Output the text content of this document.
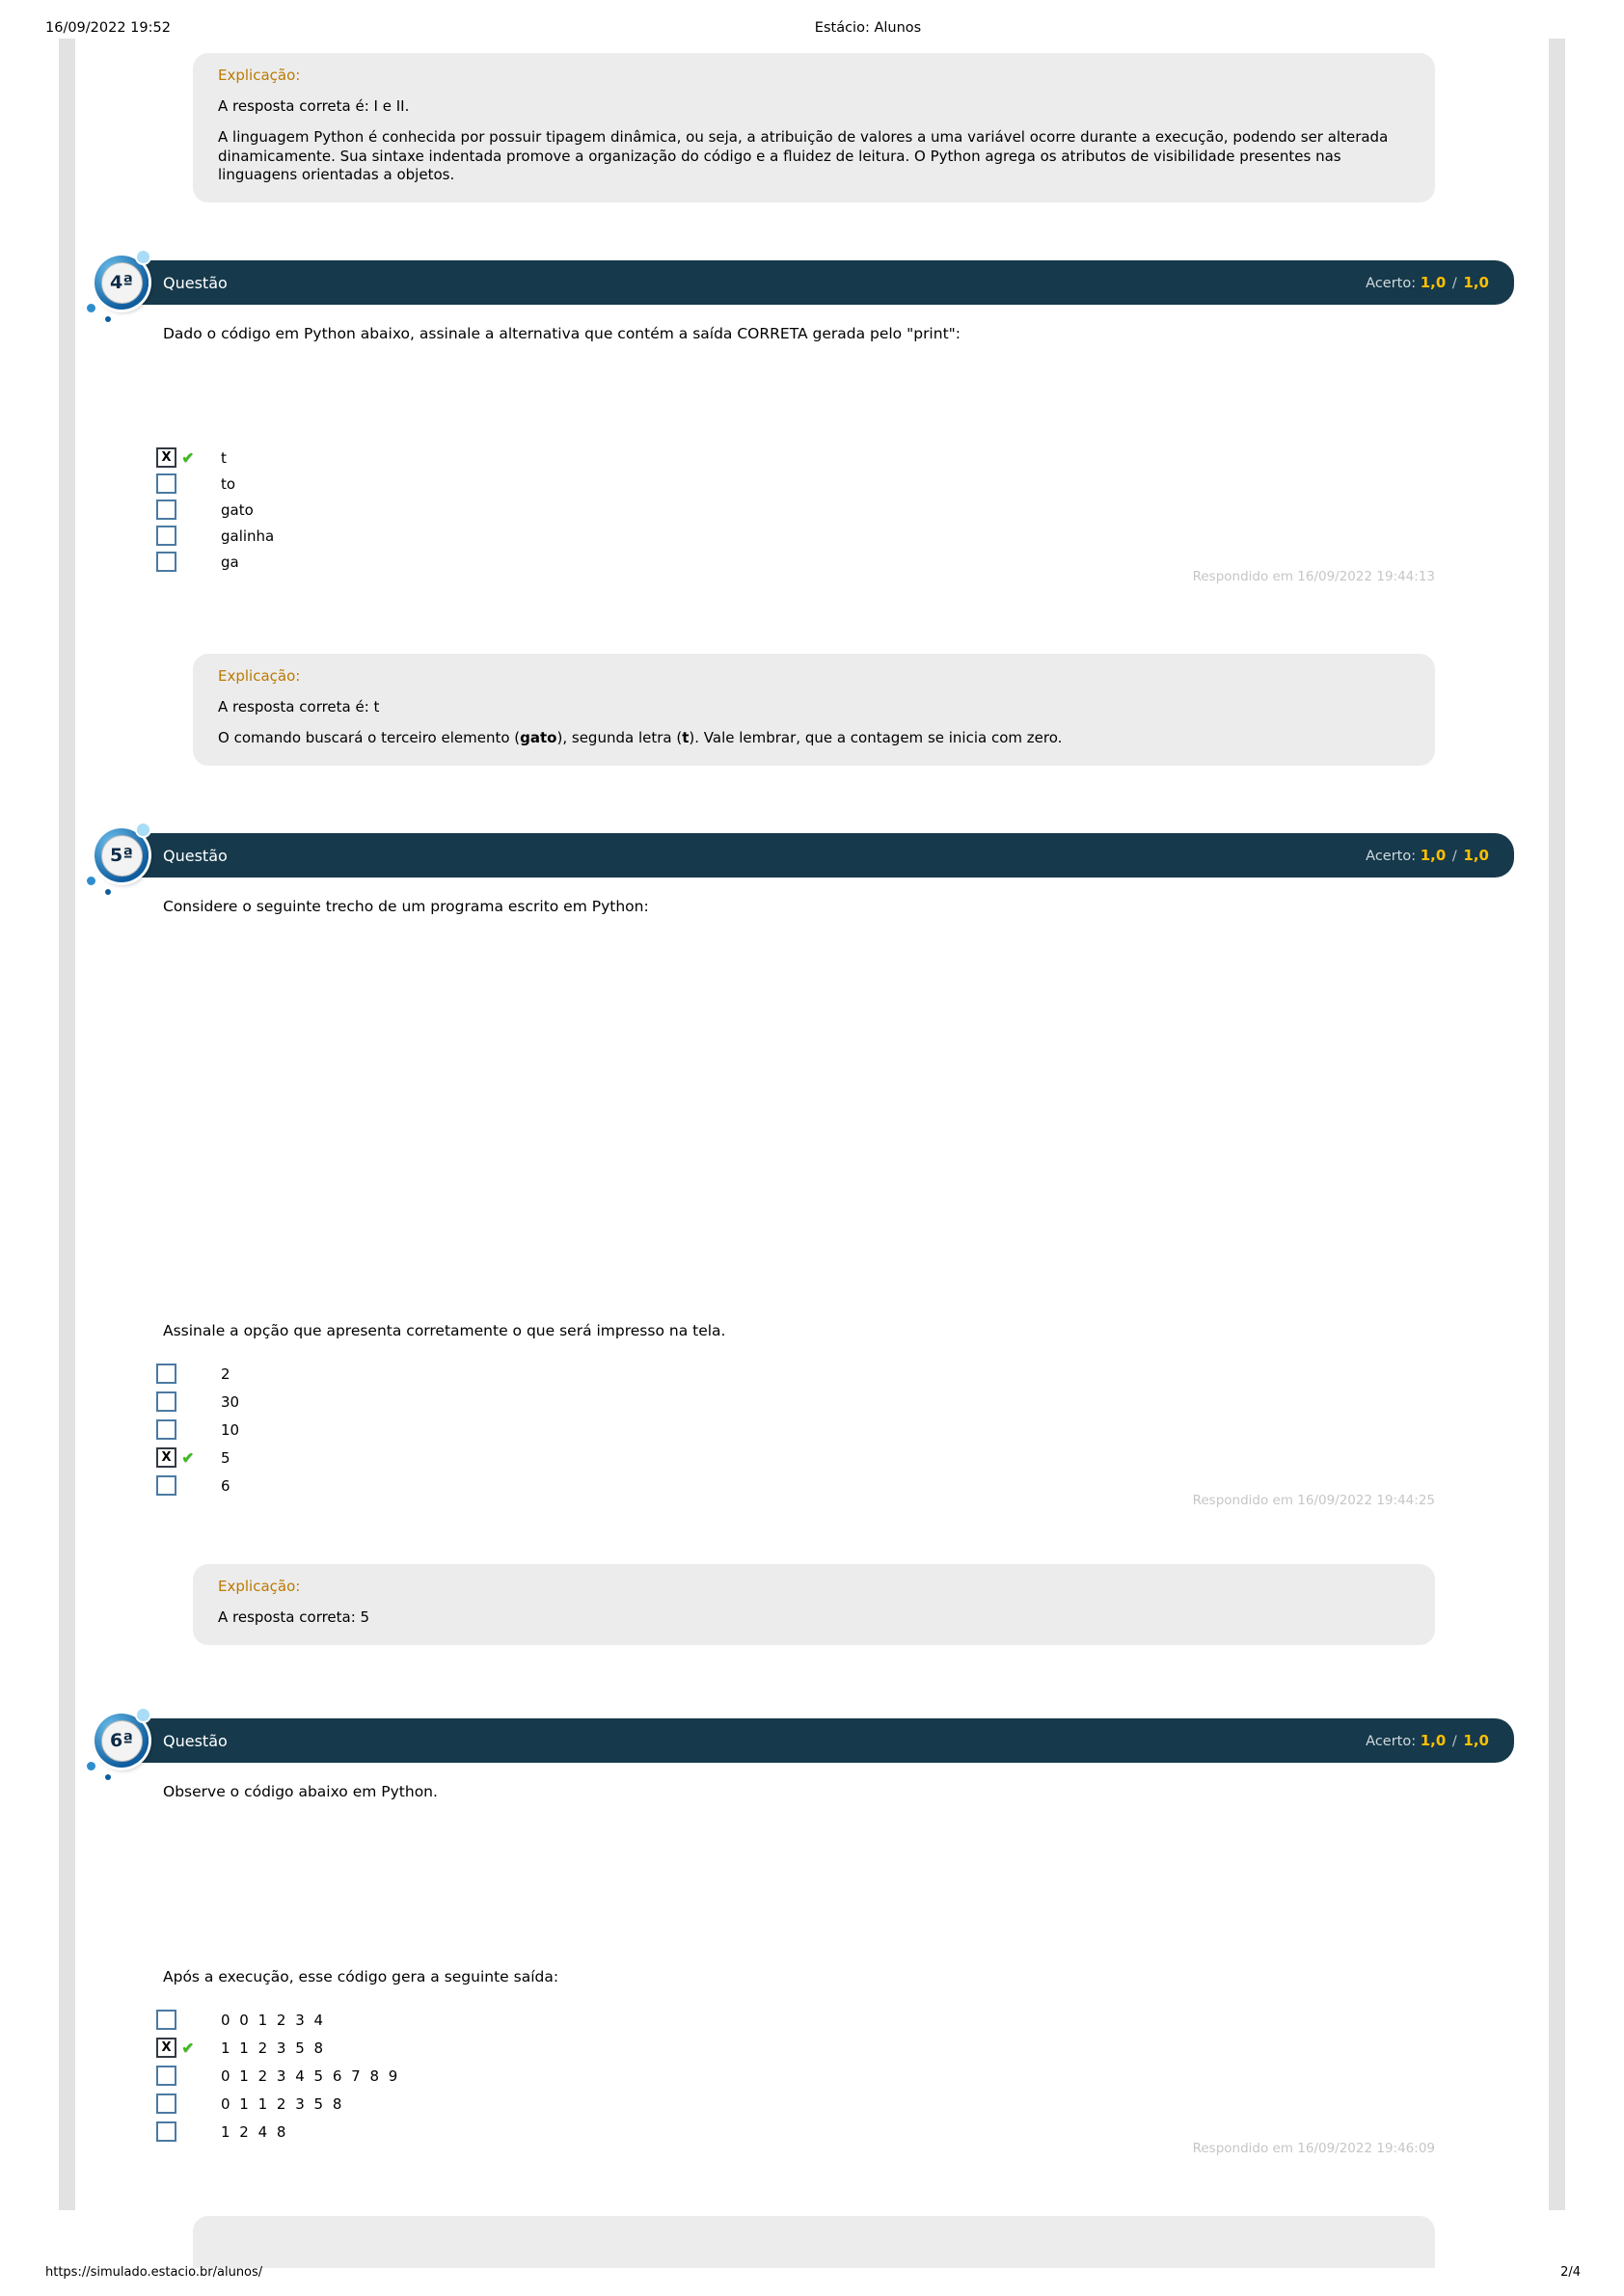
16/09/2022 19:52	Estácio: Alunos

Explicação:

A resposta correta é: I e II.

A linguagem Python é conhecida por possuir tipagem dinâmica, ou seja, a atribuição de valores a uma variável ocorre durante a execução, podendo ser alterada dinamicamente. Sua sintaxe indentada promove a organização do código e a fluidez de leitura. O Python agrega os atributos de visibilidade presentes nas linguagens orientadas a objetos.

Questão	Acerto: 1,0 / 1,0
4ª
Dado o código em Python abaixo, assinale a alternativa que contém a saída CORRETA gerada pelo "print":
X ✔	t
to
gato
galinha
ga
Respondido em 16/09/2022 19:44:13

Explicação:

A resposta correta é: t

O comando buscará o terceiro elemento (gato), segunda letra (t). Vale lembrar, que a contagem se inicia com zero.

Questão	Acerto: 1,0 / 1,0
5ª
Considere o seguinte trecho de um programa escrito em Python:
Assinale a opção que apresenta corretamente o que será impresso na tela.
2
30
10
X ✔	5
6
Respondido em 16/09/2022 19:44:25

Explicação:

A resposta correta: 5

Questão	Acerto: 1,0 / 1,0
6ª
Observe o código abaixo em Python.
Após a execução, esse código gera a seguinte saída:
0 0 1 2 3 4
X ✔	1 1 2 3 5 8
0 1 2 3 4 5 6 7 8 9
0 1 1 2 3 5 8
1 2 4 8
Respondido em 16/09/2022 19:46:09
https://simulado.estacio.br/alunos/	2/4
